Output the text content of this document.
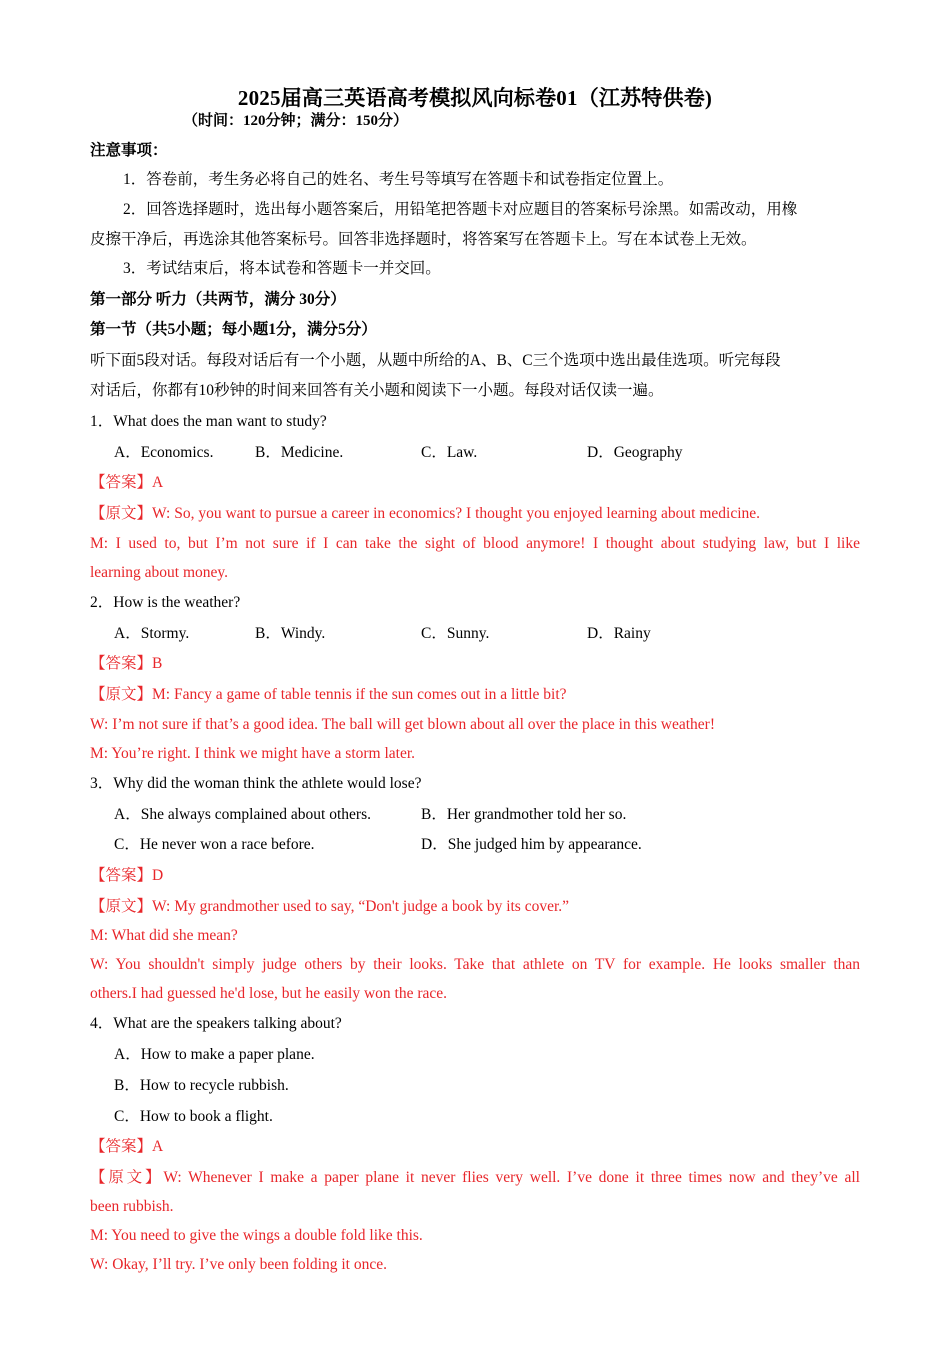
2025届高三英语高考模拟风向标卷01（江苏特供卷)
（时间：120分钟；满分：150分）
注意事项：
1．答卷前，考生务必将自己的姓名、考生号等填写在答题卡和试卷指定位置上。
2．回答选择题时，选出每小题答案后，用铅笔把答题卡对应题目的答案标号涂黑。如需改动，用橡
皮擦干净后，再选涂其他答案标号。回答非选择题时，将答案写在答题卡上。写在本试卷上无效。
3．考试结束后，将本试卷和答题卡一并交回。
第一部分 听力（共两节，满分 30分）
第一节（共5小题；每小题1分，满分5分）
听下面5段对话。每段对话后有一个小题，从题中所给的A、B、C三个选项中选出最佳选项。听完每段
对话后，你都有10秒钟的时间来回答有关小题和阅读下一小题。每段对话仅读一遍。
1．What does the man want to study?
A．Economics.	B．Medicine.	C．Law.	D．Geography
【答案】A
【原文】W: So, you want to pursue a career in economics? I thought you enjoyed learning about medicine.
M: I used to, but I’m not sure if I can take the sight of blood anymore! I thought about studying law, but I like
learning about money.
2．How is the weather?
A．Stormy.	B．Windy.	C．Sunny.	D．Rainy
【答案】B
【原文】M: Fancy a game of table tennis if the sun comes out in a little bit?
W: I’m not sure if that’s a good idea. The ball will get blown about all over the place in this weather!
M: You’re right. I think we might have a storm later.
3．Why did the woman think the athlete would lose?
A．She always complained about others.	B．Her grandmother told her so.
C．He never won a race before.	D．She judged him by appearance.
【答案】D
【原文】W: My grandmother used to say, “Don't judge a book by its cover.”
M: What did she mean?
W: You shouldn't simply judge others by their looks. Take that athlete on TV for example. He looks smaller than
others.I had guessed he'd lose, but he easily won the race.
4．What are the speakers talking about?
A．How to make a paper plane.
B．How to recycle rubbish.
C．How to book a flight.
【答案】A
【原文】W: Whenever I make a paper plane it never flies very well. I’ve done it three times now and they’ve all
been rubbish.
M: You need to give the wings a double fold like this.
W: Okay, I’ll try. I’ve only been folding it once.
